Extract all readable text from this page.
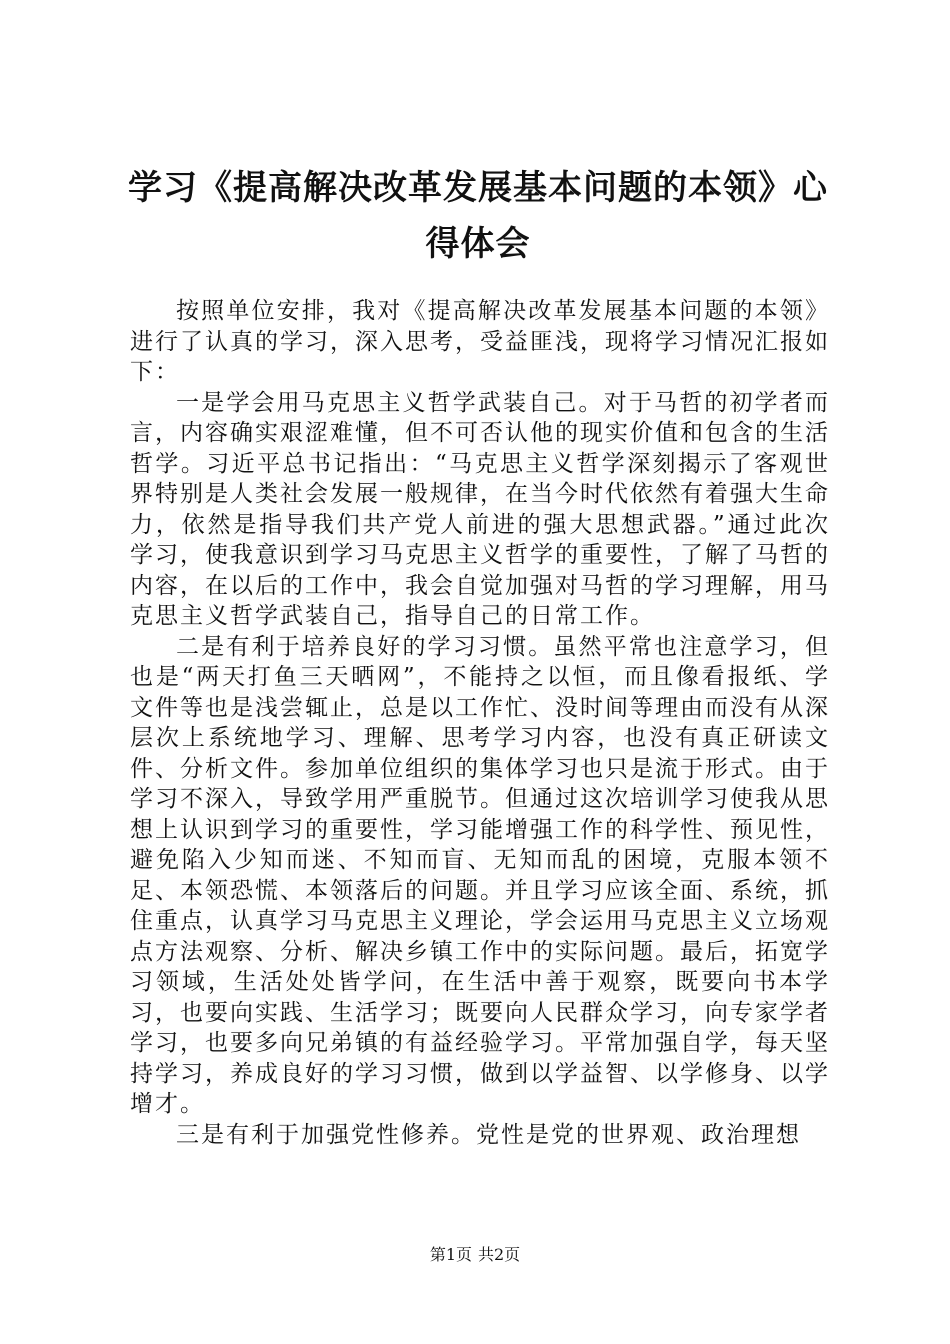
学习《提高解决改革发展基本问题的本领》心得体会

按照单位安排，我对《提高解决改革发展基本问题的本领》进行了认真的学习，深入思考，受益匪浅，现将学习情况汇报如下：

一是学会用马克思主义哲学武装自己。对于马哲的初学者而言，内容确实艰涩难懂，但不可否认他的现实价值和包含的生活哲学。习近平总书记指出：“马克思主义哲学深刻揭示了客观世界特别是人类社会发展一般规律，在当今时代依然有着强大生命力，依然是指导我们共产党人前进的强大思想武器。”通过此次学习，使我意识到学习马克思主义哲学的重要性，了解了马哲的内容，在以后的工作中，我会自觉加强对马哲的学习理解，用马克思主义哲学武装自己，指导自己的日常工作。

二是有利于培养良好的学习习惯。虽然平常也注意学习，但也是“两天打鱼三天晒网”，不能持之以恒，而且像看报纸、学文件等也是浅尝辄止，总是以工作忙、没时间等理由而没有从深层次上系统地学习、理解、思考学习内容，也没有真正研读文件、分析文件。参加单位组织的集体学习也只是流于形式。由于学习不深入，导致学用严重脱节。但通过这次培训学习使我从思想上认识到学习的重要性，学习能增强工作的科学性、预见性，避免陷入少知而迷、不知而盲、无知而乱的困境，克服本领不足、本领恐慌、本领落后的问题。并且学习应该全面、系统，抓住重点，认真学习马克思主义理论，学会运用马克思主义立场观点方法观察、分析、解决乡镇工作中的实际问题。最后，拓宽学习领域，生活处处皆学问，在生活中善于观察，既要向书本学习，也要向实践、生活学习；既要向人民群众学习，向专家学者学习，也要多向兄弟镇的有益经验学习。平常加强自学，每天坚持学习，养成良好的学习习惯，做到以学益智、以学修身、以学增才。

三是有利于加强党性修养。党性是党的世界观、政治理想

第1页 共2页
